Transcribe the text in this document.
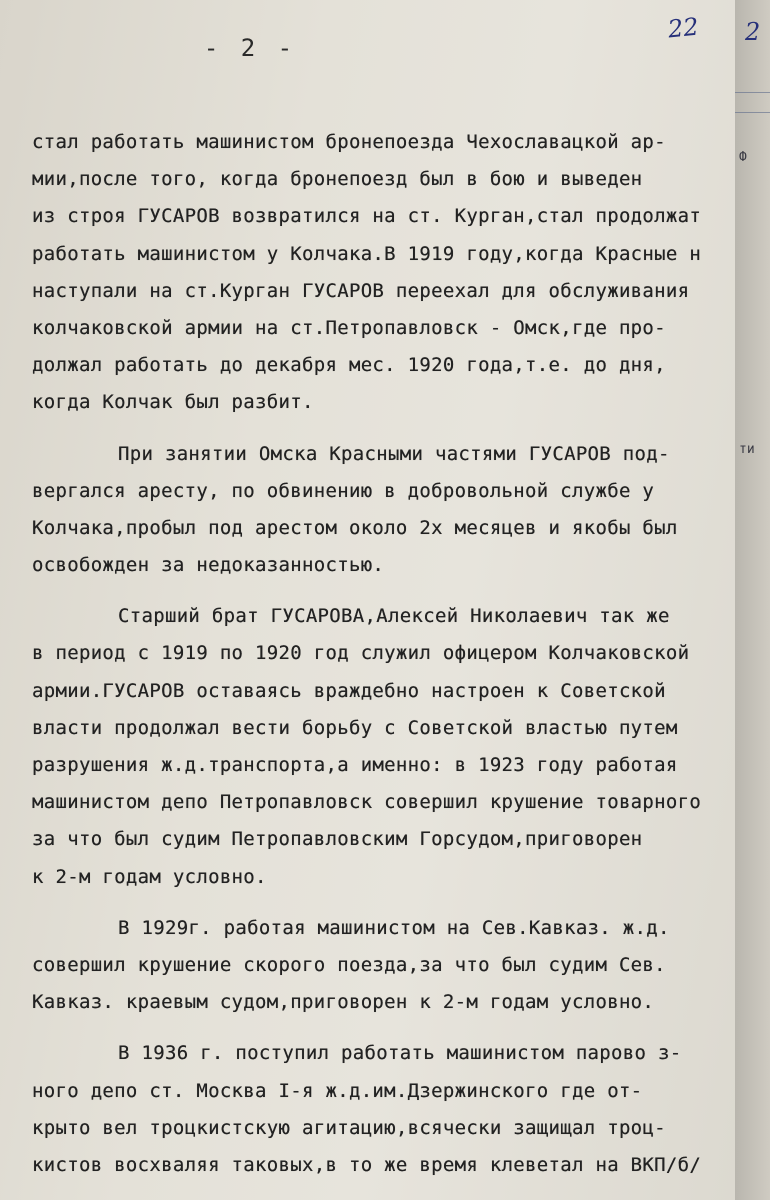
- 2 -
стал работать машинистом бронепоезда Чехославацкой ар-
мии,после того, когда бронепоезд был в бою и выведен
из строя ГУСАРОВ возвратился на ст. Курган,стал продолжат
работать машинистом у Колчака.В 1919 году,когда Красные н
наступали на ст.Курган ГУСАРОВ переехал для обслуживания
колчаковской армии на ст.Петропавловск - Омск,где про-
должал работать до декабря мес. 1920 года,т.е. до дня,
когда Колчак был разбит.
При занятии Омска Красными частями ГУСАРОВ под-
вергался аресту, по обвинению в добровольной службе у
Колчака,пробыл под арестом около 2х месяцев и якобы был
освобожден за недоказанностью.
Старший брат ГУСАРОВА,Алексей Николаевич так же
в период с 1919 по 1920 год служил офицером Колчаковской
армии.ГУСАРОВ оставаясь враждебно настроен к Советской
власти продолжал вести борьбу с Советской властью путем
разрушения ж.д.транспорта,а именно: в 1923 году работая
машинистом депо Петропавловск совершил крушение товарного
за что был судим Петропавловским Горсудом,приговорен
к 2-м годам условно.
В 1929г. работая машинистом на Сев.Кавказ. ж.д.
совершил крушение скорого поезда,за что был судим Сев.
Кавказ. краевым судом,приговорен к 2-м годам условно.
В 1936 г. поступил работать машинистом парово з-
ного депо ст. Москва I-я ж.д.им.Дзержинского где от-
крыто вел троцкистскую агитацию,всячески защищал троц-
кистов восхваляя таковых,в то же время клеветал на ВКП/б/
22
Ф
ти
2
